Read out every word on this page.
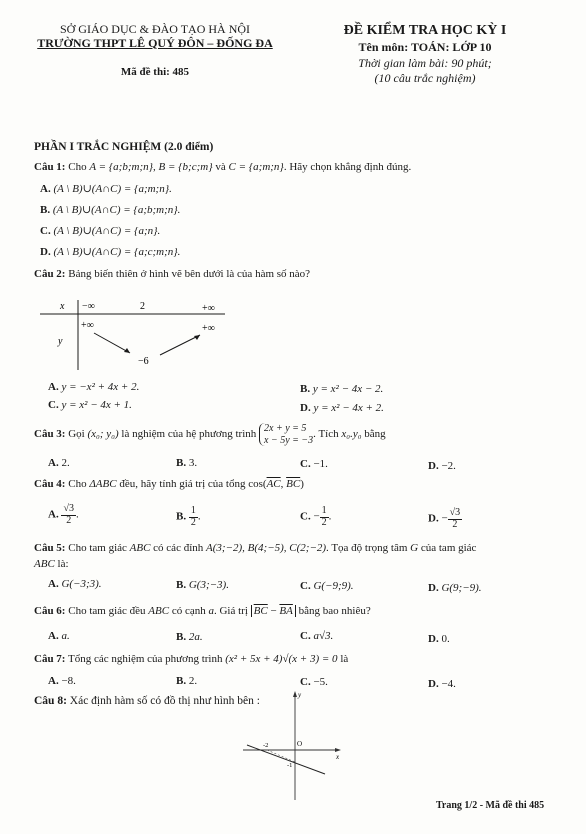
SỞ GIÁO DỤC & ĐÀO TẠO HÀ NỘI
TRƯỜNG THPT LÊ QUÝ ĐÔN – ĐỐNG ĐA
Mã đề thi: 485
ĐỀ KIỂM TRA HỌC KỲ I
Tên môn: TOÁN: LỚP 10
Thời gian làm bài: 90 phút;
(10 câu trắc nghiệm)
PHẦN I TRẮC NGHIỆM (2.0 điểm)
Câu 1: Cho A = {a;b;m;n}, B = {b;c;m} và C = {a;m;n}. Hãy chọn khẳng định đúng.
A. (A \ B)∪(A∩C) = {a;m;n}.
B. (A \ B)∪(A∩C) = {a;b;m;n}.
C. (A \ B)∪(A∩C) = {a;n}.
D. (A \ B)∪(A∩C) = {a;c;m;n}.
Câu 2: Bảng biến thiên ở hình vẽ bên dưới là của hàm số nào?
x −∞	2	+∞
y
+∞	+∞
−6
A. y = −x² + 4x + 2.	B. y = x² − 4x − 2.
C. y = x² − 4x + 1.	D. y = x² − 4x + 2.
Câu 3: Gọi (x₀; y₀) là nghiệm của hệ phương trình 2x + y = 5
x − 5y = −3 . Tích x₀.y₀ bằng
A. 2.	B. 3.	C. −1.	D. −2.
Câu 4: Cho ΔABC đều, hãy tính giá trị của tổng $\cos(\overline{AC}$, $\overline{BC}$)
A. $\frac{√3}{2}$ .	B. $\frac{1}{2}$ .	C. − $\frac{1}{2}$ .	D. − $\frac{√3}{2}$
Câu 5: Cho tam giác ABC có các đỉnh A(3;−2), B(4;−5), C(2;−2). Tọa độ trọng tâm G của tam giác
ABC là:
A. G(−3;3).	B. G(3;−3).	C. G(−9;9).	D. G(9;−9).
Câu 6: Cho tam giác đều ABC có cạnh a. Giá trị $\overline{BC} - \overline{BA}$ bằng bao nhiêu?
A. a.	B. 2a.	C. a√3.	D. 0.
Câu 7: Tổng các nghiệm của phương trình (x² + 5x + 4)√(x + 3) = 0 là
A. −8.	B. 2.	C. −5.	D. −4.
Câu 8: Xác định hàm số có đồ thị như hình bên :	y
x
O
-2
-1
Trang 1/2 - Mã đề thi 485
